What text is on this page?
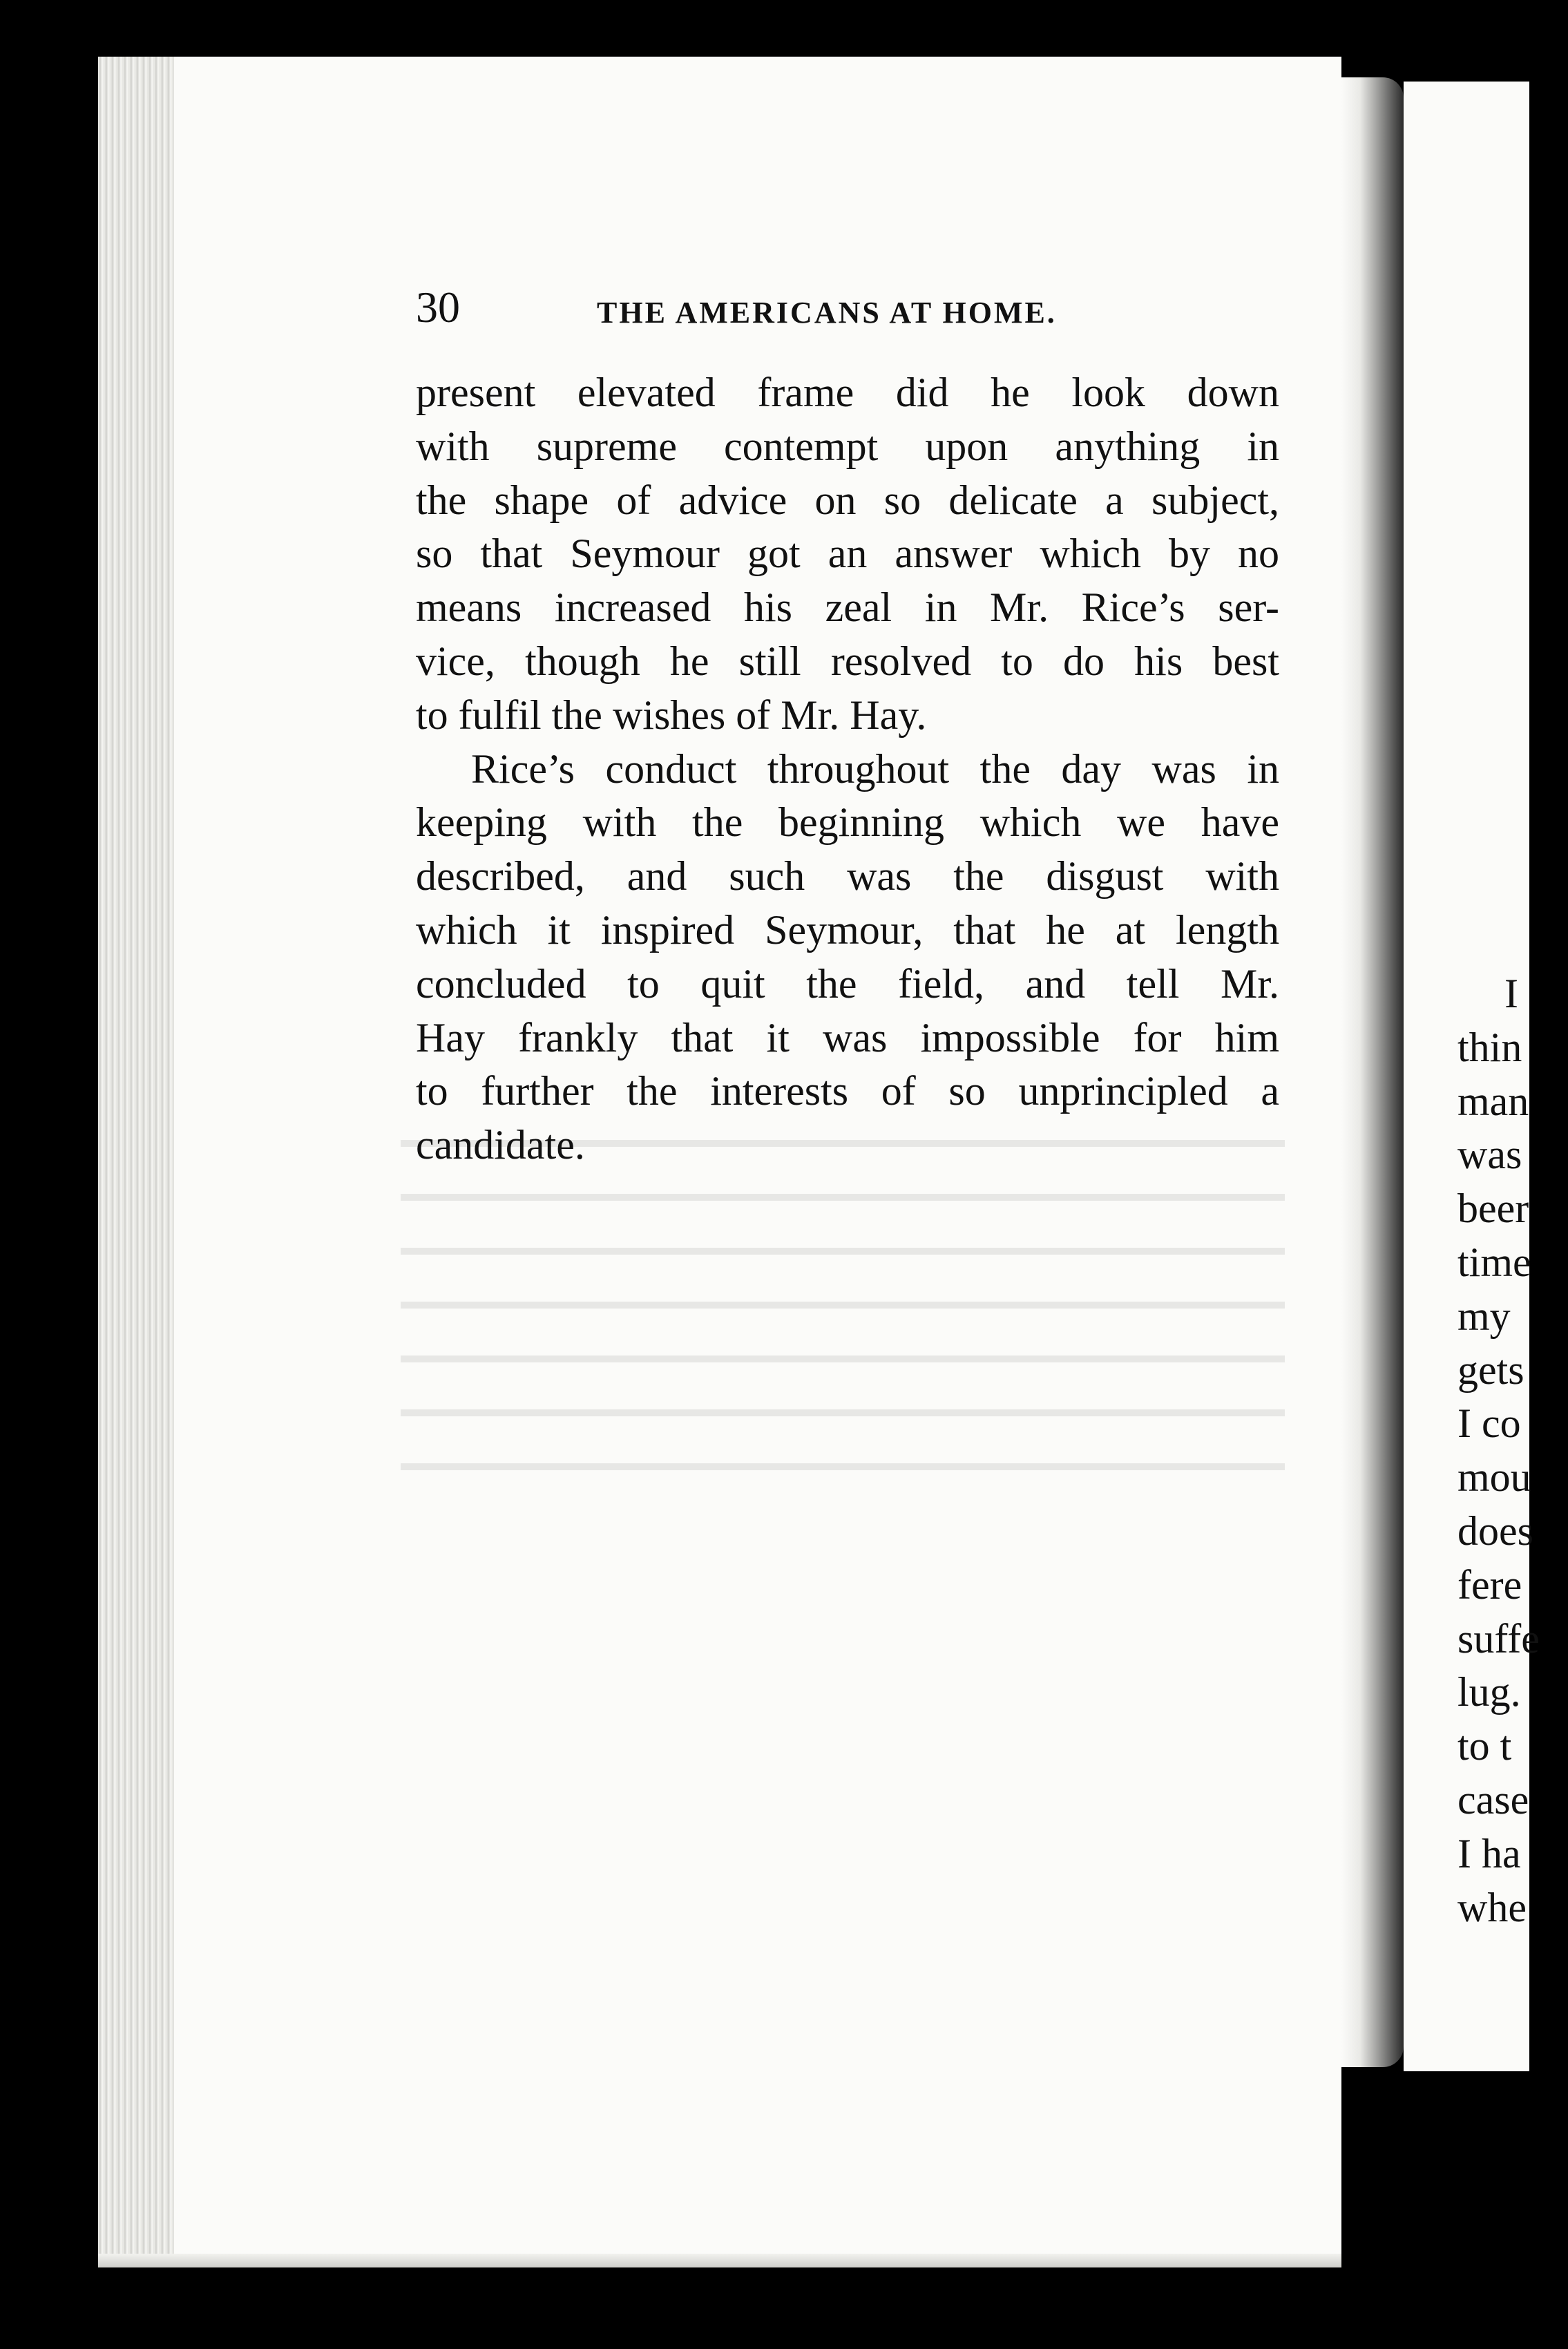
30	THE AMERICANS AT HOME.

present elevated frame did he look down
with supreme contempt upon anything in
the shape of advice on so delicate a subject,
so that Seymour got an answer which by no
means increased his zeal in Mr. Rice’s ser-
vice, though he still resolved to do his best
to fulfil the wishes of Mr. Hay.

Rice’s conduct throughout the day was in
keeping with the beginning which we have
described, and such was the disgust with
which it inspired Seymour, that he at length
concluded to quit the field, and tell Mr.
Hay frankly that it was impossible for him
to further the interests of so unprincipled a
candidate.

I
thin
man
was
beer
time
my
gets
I co
mou
does
fere
suffe
lug.
to t
case
I ha
whe
